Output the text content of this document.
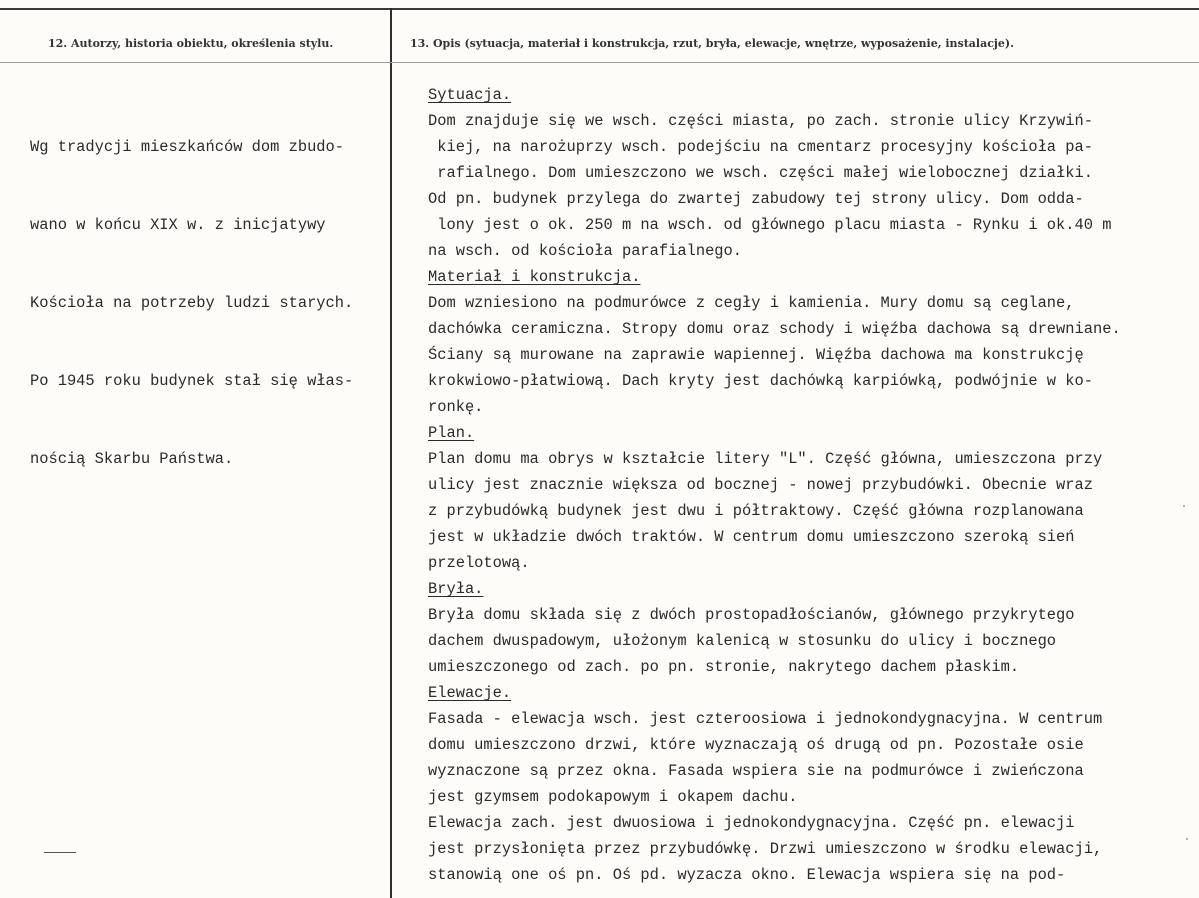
12. Autorzy, historia obiektu, określenia stylu.	13. Opis (sytuacja, materiał i konstrukcja, rzut, bryła, elewacje, wnętrze, wyposażenie, instalacje).

Wg tradycji mieszkańców dom zbudo-

wano w końcu XIX w. z inicjatywy

Kościoła na potrzeby ludzi starych.

Po 1945 roku budynek stał się włas-

nością Skarbu Państwa.

Sytuacja.
Dom znajduje się we wsch. części miasta, po zach. stronie ulicy Krzywiń-
kiej, na narożuprzy wsch. podejściu na cmentarz procesyjny kościoła pa-
rafialnego. Dom umieszczono we wsch. części małej wielobocznej działki.
Od pn. budynek przylega do zwartej zabudowy tej strony ulicy. Dom odda-
lony jest o ok. 250 m na wsch. od głównego placu miasta - Rynku i ok.40 m
na wsch. od kościoła parafialnego.
Materiał i konstrukcja.
Dom wzniesiono na podmurówce z cegły i kamienia. Mury domu są ceglane,
dachówka ceramiczna. Stropy domu oraz schody i więźba dachowa są drewniane.
Ściany są murowane na zaprawie wapiennej. Więźba dachowa ma konstrukcję
krokwiowo-płatwiową. Dach kryty jest dachówką karpiówką, podwójnie w ko-
ronkę.
Plan.
Plan domu ma obrys w kształcie litery "L". Część główna, umieszczona przy
ulicy jest znacznie większa od bocznej - nowej przybudówki. Obecnie wraz
z przybudówką budynek jest dwu i półtraktowy. Część główna rozplanowana
jest w układzie dwóch traktów. W centrum domu umieszczono szeroką sień
przelotową.
Bryła.
Bryła domu składa się z dwóch prostopadłościanów, głównego przykrytego
dachem dwuspadowym, ułożonym kalenicą w stosunku do ulicy i bocznego
umieszczonego od zach. po pn. stronie, nakrytego dachem płaskim.
Elewacje.
Fasada - elewacja wsch. jest czteroosiowa i jednokondygnacyjna. W centrum
domu umieszczono drzwi, które wyznaczają oś drugą od pn. Pozostałe osie
wyznaczone są przez okna. Fasada wspiera sie na podmurówce i zwieńczona
jest gzymsem podokapowym i okapem dachu.
Elewacja zach. jest dwuosiowa i jednokondygnacyjna. Część pn. elewacji
jest przysłonięta przez przybudówkę. Drzwi umieszczono w środku elewacji,
stanowią one oś pn. Oś pd. wyzacza okno. Elewacja wspiera się na pod-
